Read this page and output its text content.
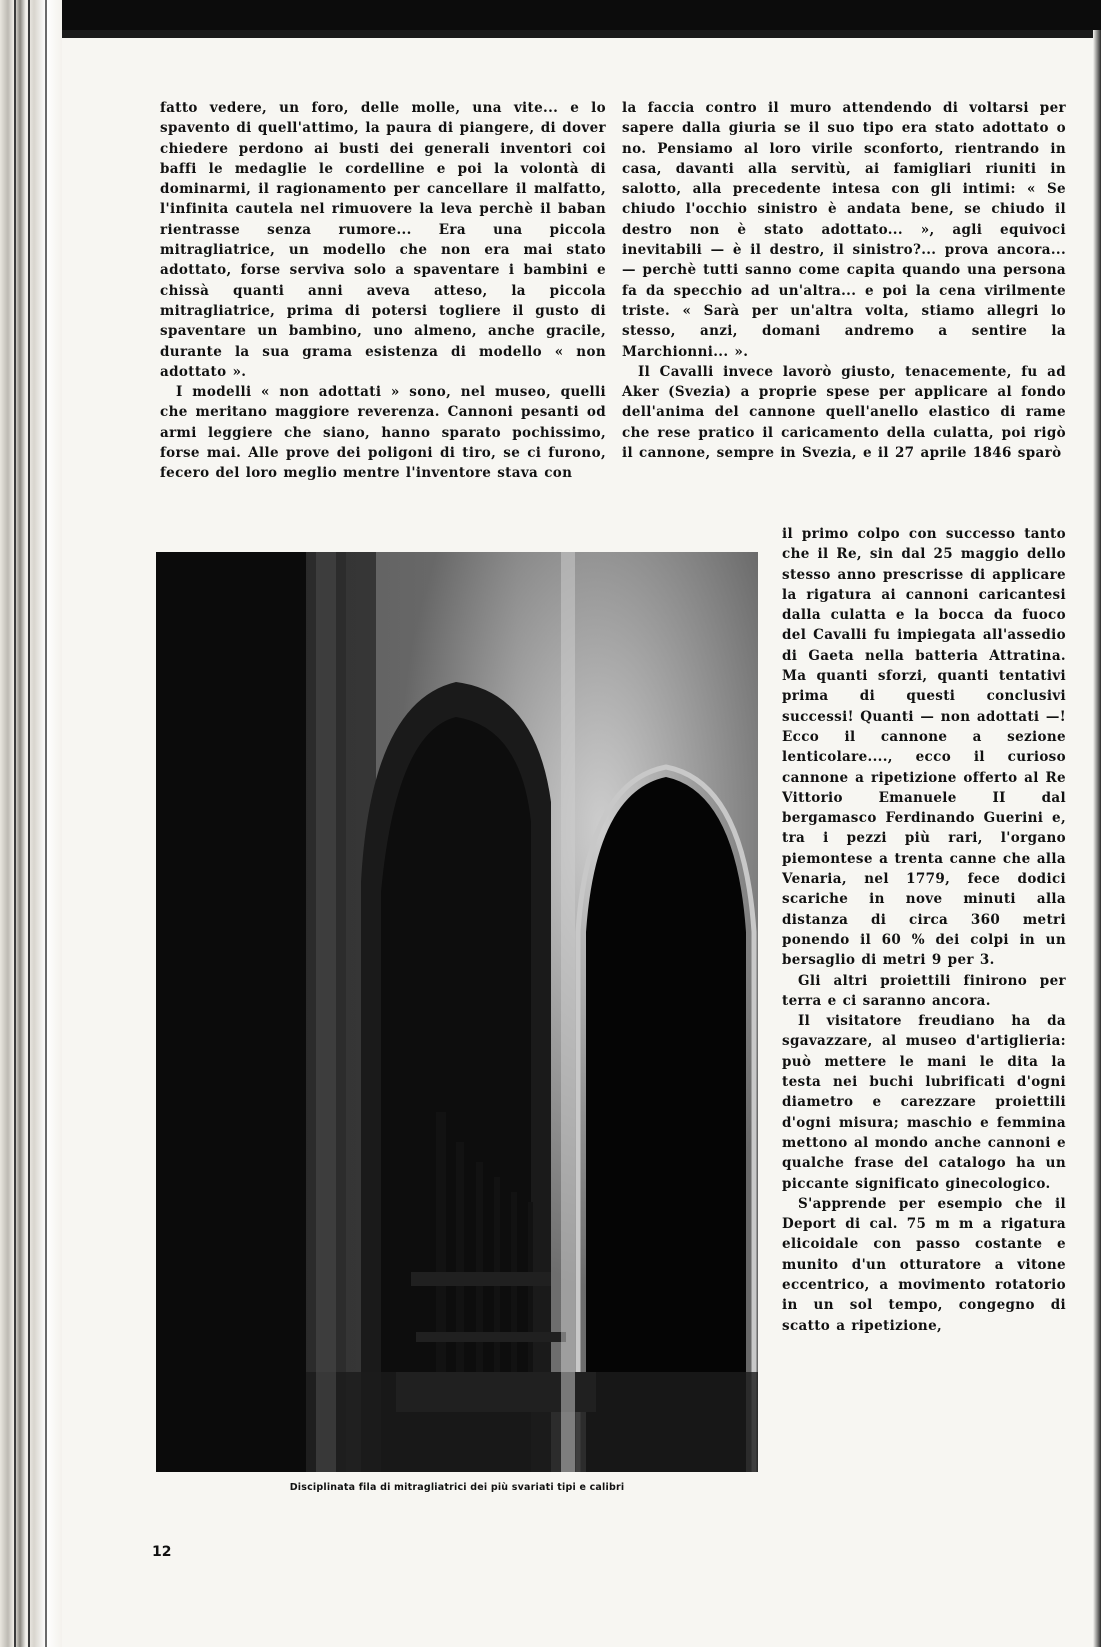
fatto vedere, un foro, delle molle, una vite... e lo spavento di quell'attimo, la paura di piangere, di dover chiedere perdono ai busti dei generali inventori coi baffi le medaglie le cordelline e poi la volontà di dominarmi, il ragionamento per cancellare il malfatto, l'infinita cautela nel rimuovere la leva perchè il baban rientrasse senza rumore... Era una piccola mitragliatrice, un modello che non era mai stato adottato, forse serviva solo a spaventare i bambini e chissà quanti anni aveva atteso, la piccola mitragliatrice, prima di potersi togliere il gusto di spaventare un bambino, uno almeno, anche gracile, durante la sua grama esistenza di modello « non adottato ».

I modelli « non adottati » sono, nel museo, quelli che meritano maggiore reverenza. Cannoni pesanti od armi leggiere che siano, hanno sparato pochissimo, forse mai. Alle prove dei poligoni di tiro, se ci furono, fecero del loro meglio mentre l'inventore stava con

la faccia contro il muro attendendo di voltarsi per sapere dalla giuria se il suo tipo era stato adottato o no. Pensiamo al loro virile sconforto, rientrando in casa, davanti alla servitù, ai famigliari riuniti in salotto, alla precedente intesa con gli intimi: « Se chiudo l'occhio sinistro è andata bene, se chiudo il destro non è stato adottato... », agli equivoci inevitabili — è il destro, il sinistro?... prova ancora... — perchè tutti sanno come capita quando una persona fa da specchio ad un'altra... e poi la cena virilmente triste. « Sarà per un'altra volta, stiamo allegri lo stesso, anzi, domani andremo a sentire la Marchionni... ».

Il Cavalli invece lavorò giusto, tenacemente, fu ad Aker (Svezia) a proprie spese per applicare al fondo dell'anima del cannone quell'anello elastico di rame che rese pratico il caricamento della culatta, poi rigò il cannone, sempre in Svezia, e il 27 aprile 1846 sparò

il primo colpo con successo tanto che il Re, sin dal 25 maggio dello stesso anno prescrisse di applicare la rigatura ai cannoni caricantesi dalla culatta e la bocca da fuoco del Cavalli fu impiegata all'assedio di Gaeta nella batteria Attratina. Ma quanti sforzi, quanti tentativi prima di questi conclusivi successi! Quanti — non adottati —! Ecco il cannone a sezione lenticolare...., ecco il curioso cannone a ripetizione offerto al Re Vittorio Emanuele II dal bergamasco Ferdinando Guerini e, tra i pezzi più rari, l'organo piemontese a trenta canne che alla Venaria, nel 1779, fece dodici scariche in nove minuti alla distanza di circa 360 metri ponendo il 60 % dei colpi in un bersaglio di metri 9 per 3.

Gli altri proiettili finirono per terra e ci saranno ancora.

Il visitatore freudiano ha da sgavazzare, al museo d'artiglieria: può mettere le mani le dita la testa nei buchi lubrificati d'ogni diametro e carezzare proiettili d'ogni misura; maschio e femmina mettono al mondo anche cannoni e qualche frase del catalogo ha un piccante significato ginecologico.

S'apprende per esempio che il Deport di cal. 75 m m a rigatura elicoidale con passo costante e munito d'un otturatore a vitone eccentrico, a movimento rotatorio in un sol tempo, congegno di scatto a ripetizione,

Disciplinata fila di mitragliatrici dei più svariati tipi e calibri
12
